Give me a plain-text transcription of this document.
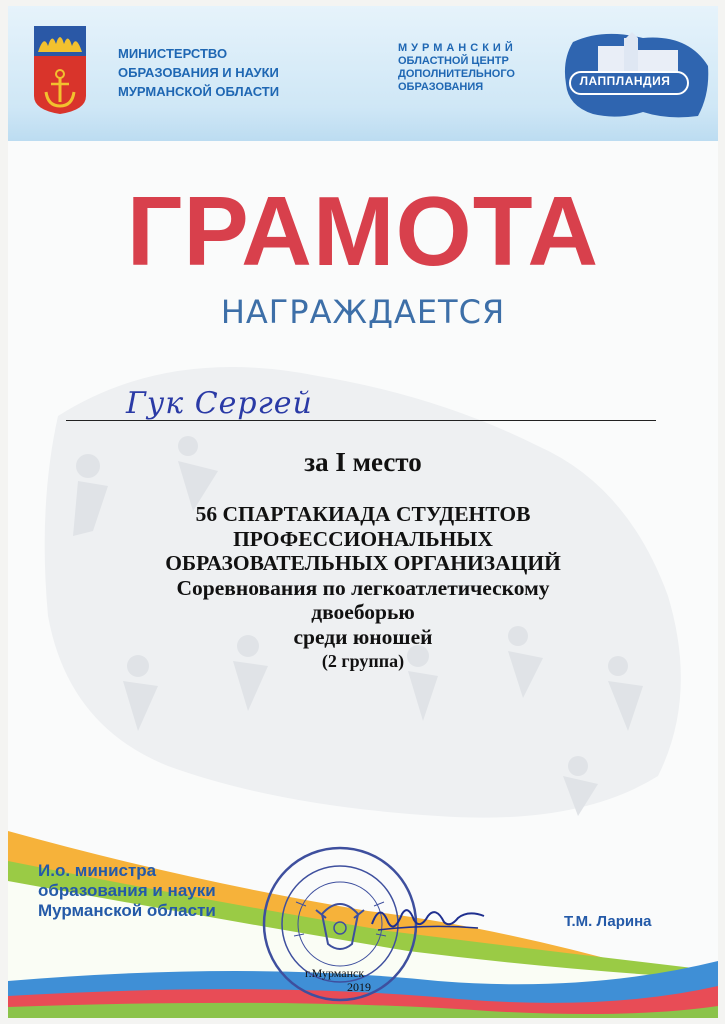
МИНИСТЕРСТВО
ОБРАЗОВАНИЯ И НАУКИ
МУРМАНСКОЙ ОБЛАСТИ
МУРМАНСКИЙ
ОБЛАСТНОЙ ЦЕНТР
ДОПОЛНИТЕЛЬНОГО
ОБРАЗОВАНИЯ	ЛАППЛАНДИЯ
ГРАМОТА
НАГРАЖДАЕТСЯ
Гук Сергей
за I место
56 СПАРТАКИАДА СТУДЕНТОВ
ПРОФЕССИОНАЛЬНЫХ
ОБРАЗОВАТЕЛЬНЫХ ОРГАНИЗАЦИЙ
Соревнования по легкоатлетическому
двоеборью
среди юношей
(2 группа)
И.о. министра
образования и науки
Мурманской области
Т.М. Ларина
г.Мурманск
2019
